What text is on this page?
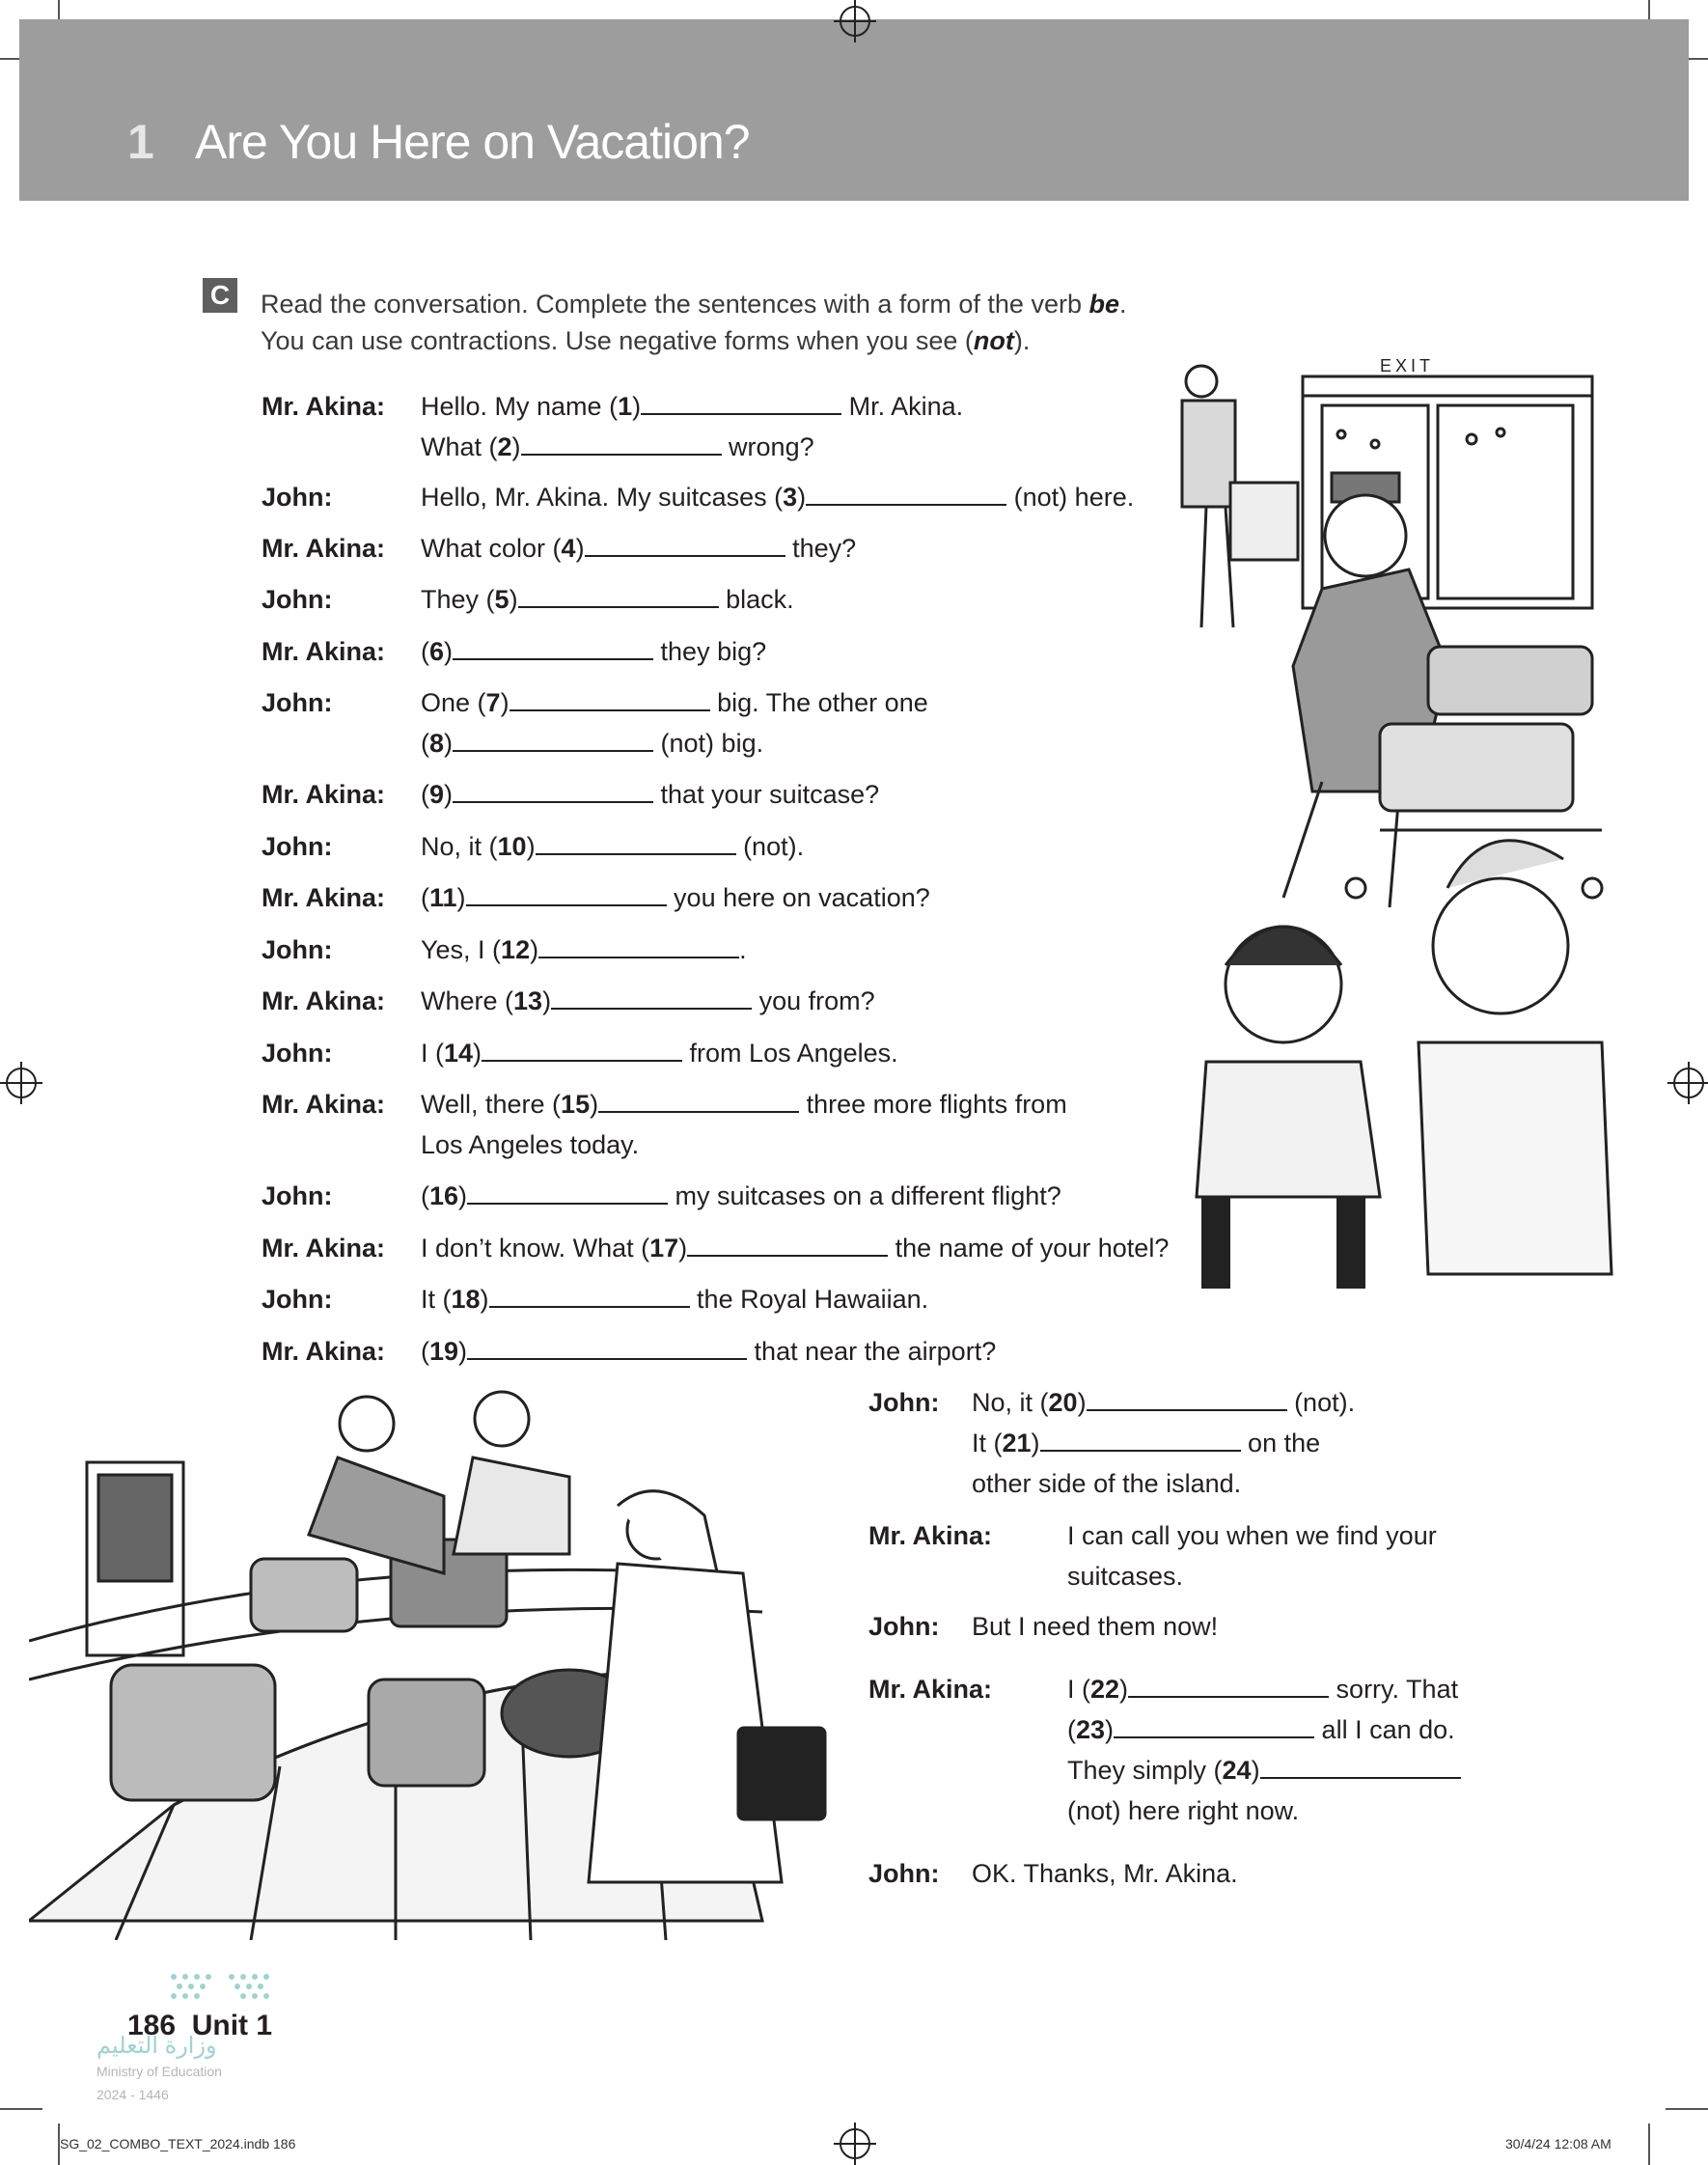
1 Are You Here on Vacation?
C Read the conversation. Complete the sentences with a form of the verb be.
You can use contractions. Use negative forms when you see (not).
Mr. Akina: Hello. My name (1)	Mr. Akina.
What (2)	wrong?
John:	Hello, Mr. Akina. My suitcases (3)	(not) here.
Mr. Akina: What color (4)	they?
John:	They (5)	black.
Mr. Akina: (6)	they big?
John:	One (7)	big. The other one
(8)	(not) big.
Mr. Akina: (9)	that your suitcase?
John:	No, it (10)	(not).
Mr. Akina: (11)	you here on vacation?
John:	Yes, I (12)	.
Mr. Akina: Where (13)	you from?
John:	I (14)	from Los Angeles.
Mr. Akina: Well, there (15)	three more flights from
Los Angeles today.
John:	(16)	my suitcases on a different flight?
Mr. Akina: I don’t know. What (17)	the name of your hotel?
John:	It (18)	the Royal Hawaiian.
Mr. Akina: (19)	that near the airport?
John: No, it (20)	(not).
It (21)	on the
other side of the island.
Mr. Akina:	I can call you when we find your
suitcases.
John: But I need them now!
Mr. Akina:	I (22)	sorry. That
(23)	all I can do.
They simply (24)
(not) here right now.
John: OK. Thanks, Mr. Akina.
EXIT
186 Unit 1
وزارة التعليم
Ministry of Education
2024 - 1446
SG_02_COMBO_TEXT_2024.indb 186	30/4/24 12:08 AM
